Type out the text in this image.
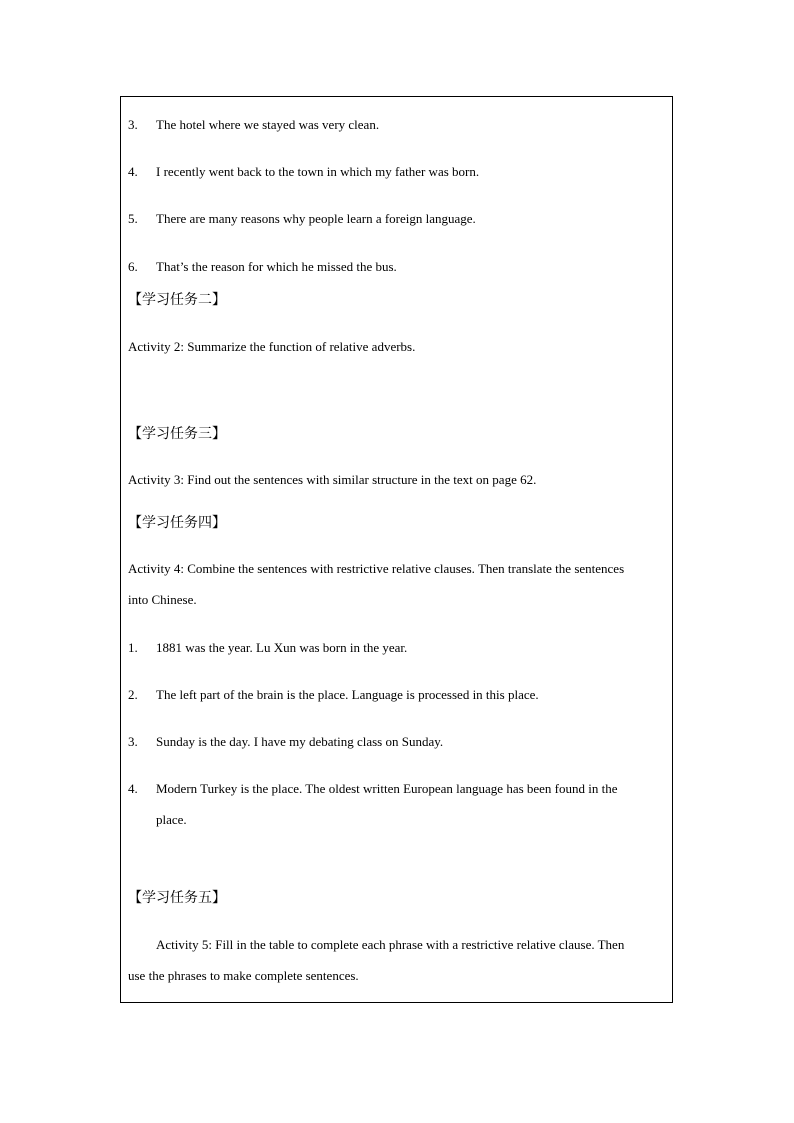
3. The hotel where we stayed was very clean.
4. I recently went back to the town in which my father was born.
5. There are many reasons why people learn a foreign language.
6. That’s the reason for which he missed the bus.
【学习任务二】
Activity 2: Summarize the function of relative adverbs.
【学习任务三】
Activity 3: Find out the sentences with similar structure in the text on page 62.
【学习任务四】
Activity 4: Combine the sentences with restrictive relative clauses. Then translate the sentences
into Chinese.
1. 1881 was the year. Lu Xun was born in the year.
2. The left part of the brain is the place. Language is processed in this place.
3. Sunday is the day. I have my debating class on Sunday.
4. Modern Turkey is the place. The oldest written European language has been found in the
place.
【学习任务五】
Activity 5: Fill in the table to complete each phrase with a restrictive relative clause. Then
use the phrases to make complete sentences.
